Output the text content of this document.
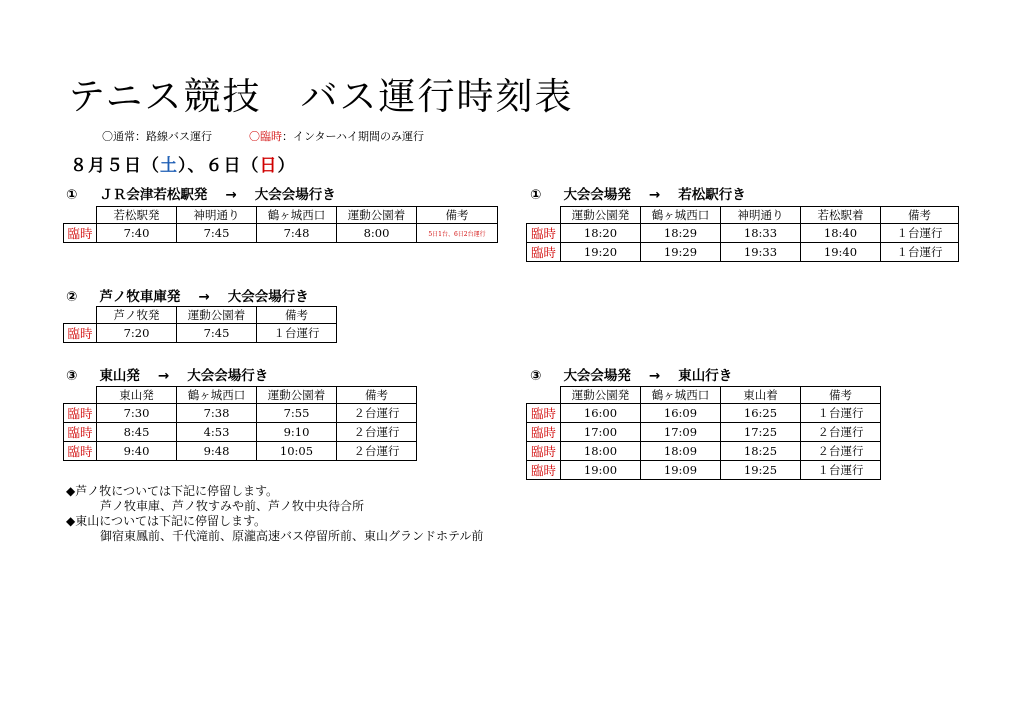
テニス競技　バス運行時刻表
〇通常：路線バス運行	〇臨時：インターハイ期間のみ運行
８月５日（土）、６日（日）
① ＪＲ会津若松駅発 → 大会会場行き
	若松駅発	神明通り	鶴ヶ城西口	運動公園着	備考
臨時	7:40	7:45	7:48	8:00	5日1台、6日2台運行
① 大会会場発 → 若松駅行き
	運動公園発	鶴ヶ城西口	神明通り	若松駅着	備考
臨時	18:20	18:29	18:33	18:40	１台運行
臨時	19:20	19:29	19:33	19:40	１台運行
② 芦ノ牧車庫発 → 大会会場行き
	芦ノ牧発	運動公園着	備考
臨時	7:20	7:45	１台運行
③ 東山発 → 大会会場行き
	東山発	鶴ヶ城西口	運動公園着	備考
臨時	7:30	7:38	7:55	２台運行
臨時	8:45	4:53	9:10	２台運行
臨時	9:40	9:48	10:05	２台運行
③ 大会会場発 → 東山行き
	運動公園発	鶴ヶ城西口	東山着	備考
臨時	16:00	16:09	16:25	１台運行
臨時	17:00	17:09	17:25	２台運行
臨時	18:00	18:09	18:25	２台運行
臨時	19:00	19:09	19:25	１台運行
◆芦ノ牧については下記に停留します。
芦ノ牧車庫、芦ノ牧すみや前、芦ノ牧中央待合所
◆東山については下記に停留します。
御宿東鳳前、千代滝前、原瀧高速バス停留所前、東山グランドホテル前
